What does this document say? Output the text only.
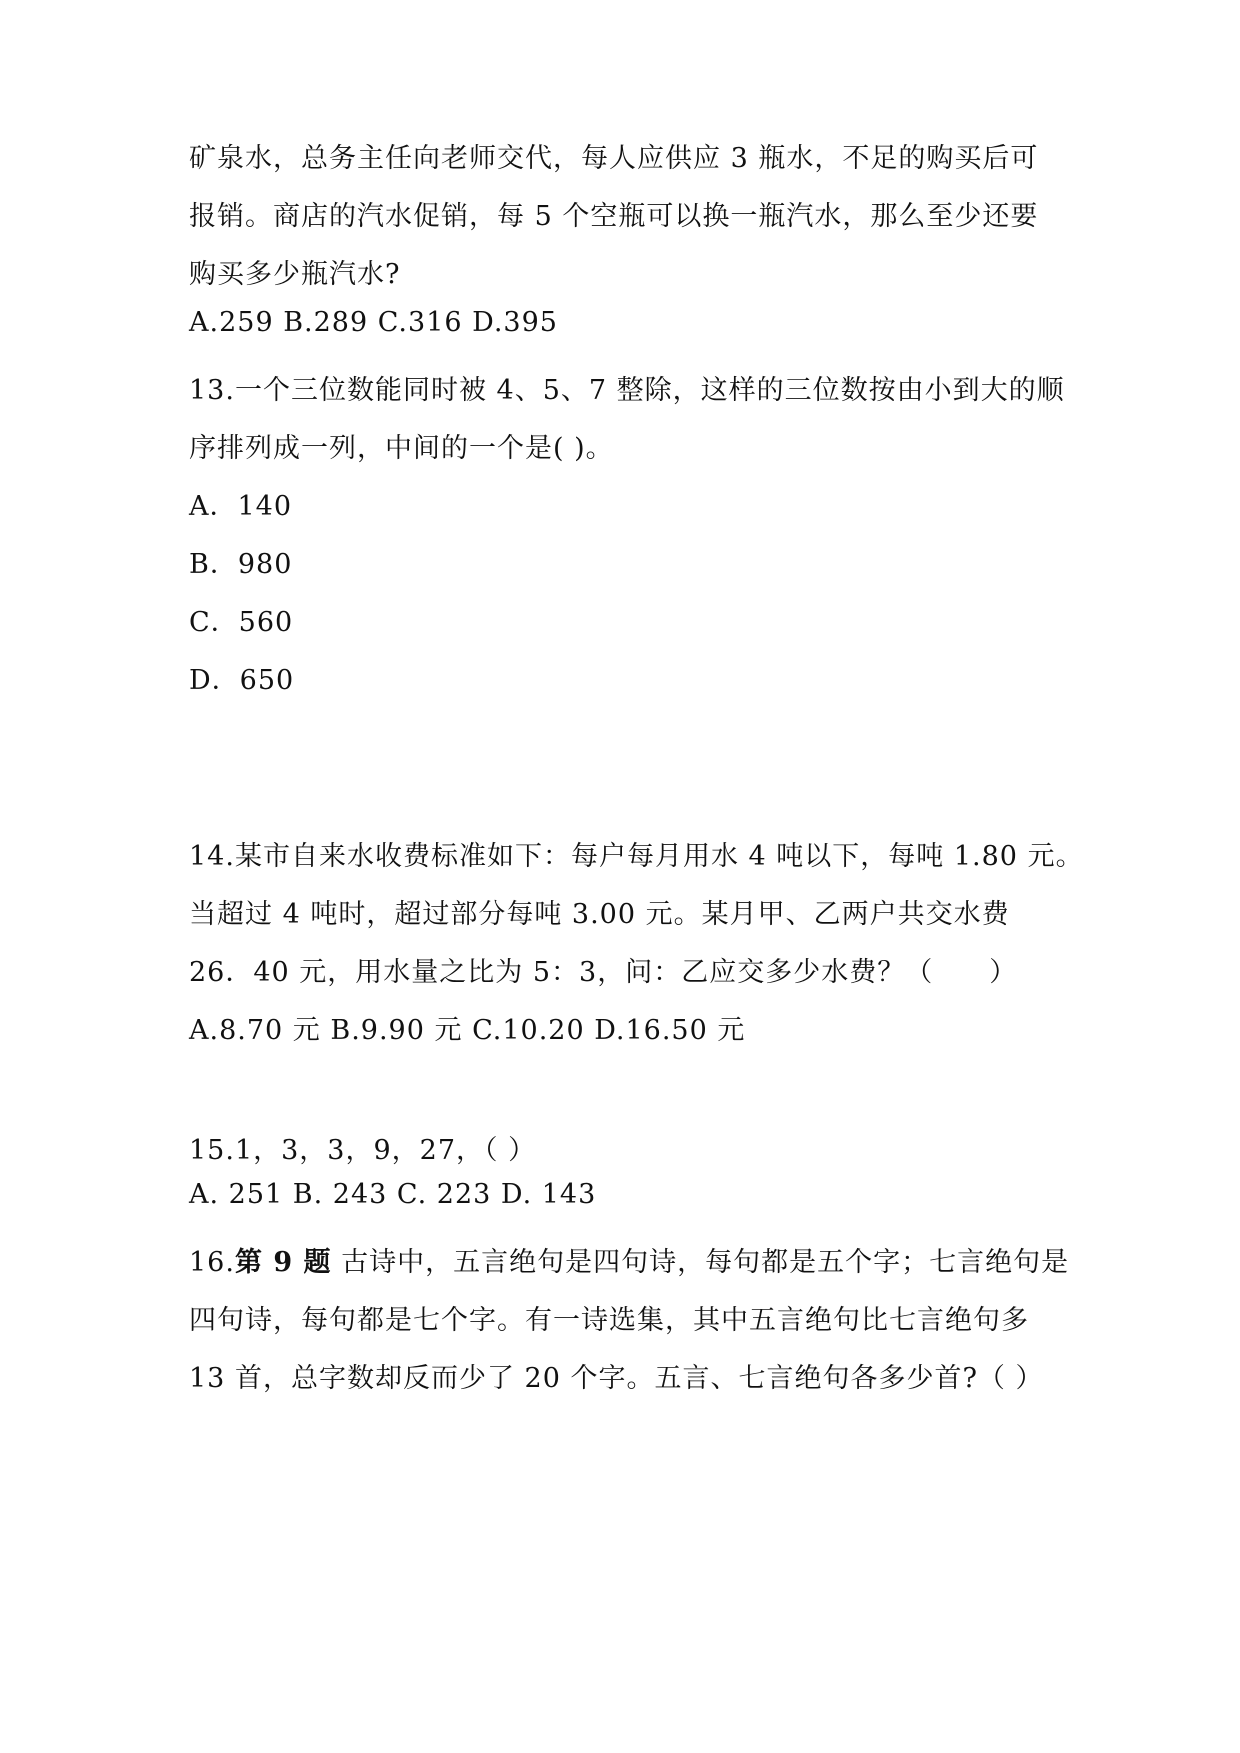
矿泉水，总务主任向老师交代，每人应供应 3 瓶水，不足的购买后可
报销。商店的汽水促销，每 5 个空瓶可以换一瓶汽水，那么至少还要
购买多少瓶汽水?
A.259 B.289 C.316 D.395
13.一个三位数能同时被 4、5、7 整除，这样的三位数按由小到大的顺
序排列成一列，中间的一个是( )。
A．140
B．980
C．560
D．650
14.某市自来水收费标准如下：每户每月用水 4 吨以下，每吨 1.80 元。
当超过 4 吨时，超过部分每吨 3.00 元。某月甲、乙两户共交水费
26．40 元，用水量之比为 5：3，问：乙应交多少水费？（　　）
A.8.70 元 B.9.90 元 C.10.20 D.16.50 元
15.1，3，3，9，27，（ ）
A. 251 B. 243 C. 223 D. 143
16.第 9 题 古诗中，五言绝句是四句诗，每句都是五个字；七言绝句是
四句诗，每句都是七个字。有一诗选集，其中五言绝句比七言绝句多
13 首，总字数却反而少了 20 个字。五言、七言绝句各多少首?（ ）
